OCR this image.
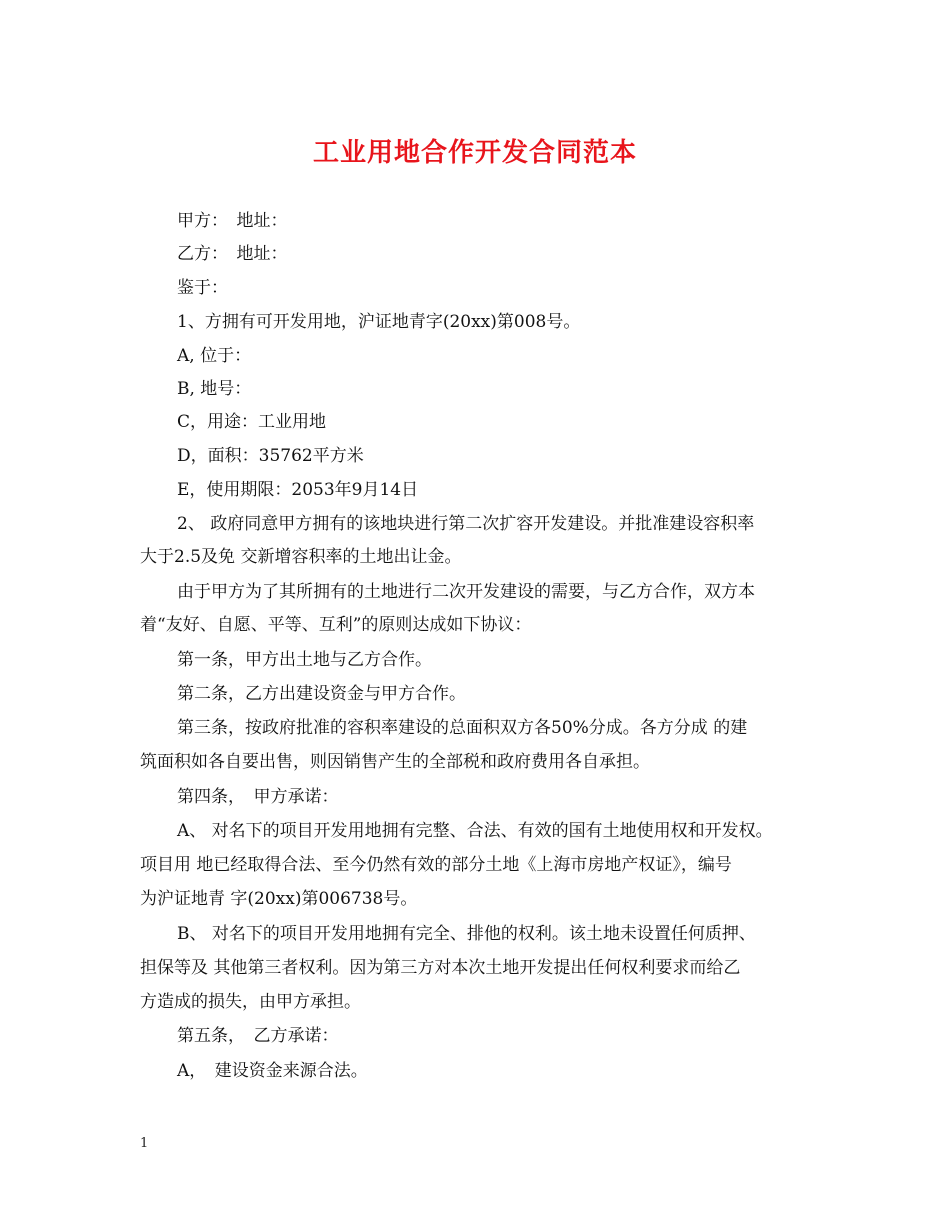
工业用地合作开发合同范本
甲方：　地址：
乙方：　地址：
鉴于：
1、方拥有可开发用地，沪证地青字(20xx)第008号。
A, 位于：
B, 地号：
C，用途：工业用地
D，面积：35762平方米
E，使用期限：2053年9月14日
2、 政府同意甲方拥有的该地块进行第二次扩容开发建设。并批准建设容积率
大于2.5及免 交新增容积率的土地出让金。
由于甲方为了其所拥有的土地进行二次开发建设的需要，与乙方合作，双方本
着“友好、自愿、平等、互利”的原则达成如下协议：
第一条，甲方出土地与乙方合作。
第二条，乙方出建设资金与甲方合作。
第三条，按政府批准的容积率建设的总面积双方各50%分成。各方分成 的建
筑面积如各自要出售，则因销售产生的全部税和政府费用各自承担。
第四条，　甲方承诺：
A、 对名下的项目开发用地拥有完整、合法、有效的国有土地使用权和开发权。
项目用 地已经取得合法、至今仍然有效的部分土地《上海市房地产权证》，编号
为沪证地青 字(20xx)第006738号。
B、 对名下的项目开发用地拥有完全、排他的权利。该土地未设置任何质押、
担保等及 其他第三者权利。因为第三方对本次土地开发提出任何权利要求而给乙
方造成的损失，由甲方承担。
第五条，　乙方承诺：
A，　建设资金来源合法。
1
